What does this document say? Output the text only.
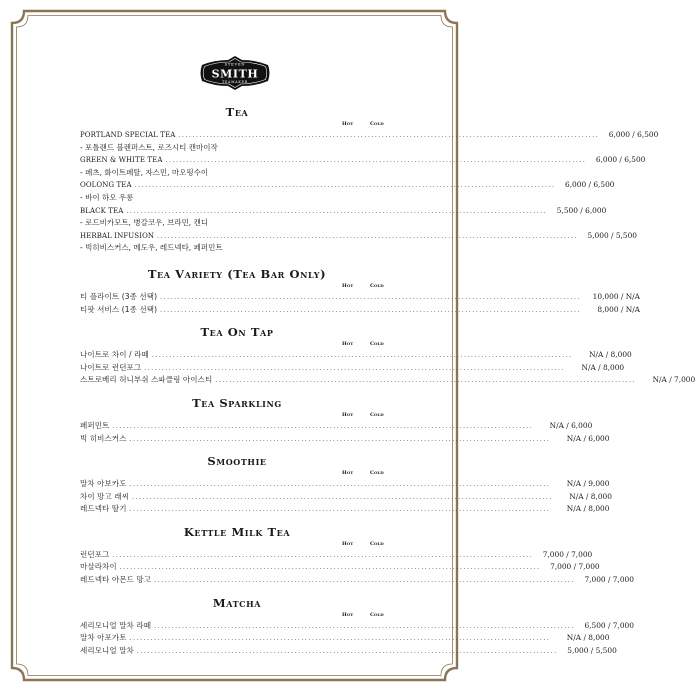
STEVEN
SMITH
TEAMAKER
Tea
Hot	Cold
PORTLAND SPECIAL TEA ........................................................................................................................	6,000 / 6,500
- 포틀랜드 블렌퍼스트, 로즈시티 캔마이작
GREEN & WHITE TEA ........................................................................................................................	6,000 / 6,500
- 페츠, 화이트페탈, 자스민, 마오펑수이
OOLONG TEA ........................................................................................................................	6,000 / 6,500
- 바이 하오 우롱
BLACK TEA ........................................................................................................................	5,500 / 6,000
- 로드비카모트, 병갈코우, 브라민, 캔디
HERBAL INFUSION ........................................................................................................................	5,000 / 5,500
- 빅히비스커스, 메도우, 레드넥타, 페퍼민트
Tea Variety (Tea Bar Only)
Hot	Cold
티 플라이트 (3종 선택) ........................................................................................................................	10,000 / N/A
티팟 서비스 (1종 선택) ........................................................................................................................	8,000 / N/A
Tea On Tap
Hot	Cold
나이트로 차이 / 라떼 ........................................................................................................................	N/A / 8,000
나이트로 런던포그 ........................................................................................................................	N/A / 8,000
스트로베리 허니부쉬 스파클링 아이스티 ........................................................................................................................	N/A / 7,000
Tea Sparkling
Hot	Cold
페퍼민트 ........................................................................................................................	N/A / 6,000
빅 히비스커스 ........................................................................................................................	N/A / 6,000
Smoothie
Hot	Cold
말차 아보카도 ........................................................................................................................	N/A / 9,000
차이 망고 래씨 ........................................................................................................................	N/A / 8,000
레드넥타 딸기 ........................................................................................................................	N/A / 8,000
Kettle Milk Tea
Hot	Cold
런던포그 ........................................................................................................................	7,000 / 7,000
마살라차이 ........................................................................................................................	7,000 / 7,000
레드넥타 아몬드 망고 ........................................................................................................................	7,000 / 7,000
Matcha
Hot	Cold
세리모니얼 말차 라떼 ........................................................................................................................	6,500 / 7,000
말차 아포가토 ........................................................................................................................	N/A / 8,000
세리모니얼 말차 ........................................................................................................................	5,000 / 5,500
